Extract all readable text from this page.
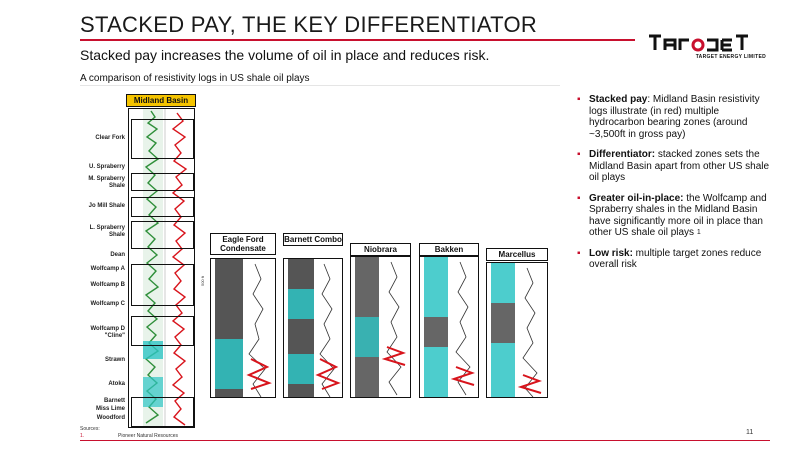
STACKED PAY, THE KEY DIFFERENTIATOR
TARGET ENERGY LIMITED
Stacked pay increases the volume of oil in place and reduces risk.
A comparison of resistivity logs in US shale oil plays
Midland Basin
Clear Fork
U. Spraberry
M. Spraberry Shale
Jo Mill Shale
L. Spraberry Shale
Dean
Wolfcamp A
Wolfcamp B
Wolfcamp C
Wolfcamp D "Cline"
Strawn
Atoka
Barnett
Miss Lime
Woodford
500 ft
Eagle Ford Condensate
Barnett Combo
Niobrara	Bakken
Marcellus
▪ Stacked pay: Midland Basin resistivity logs illustrate (in red) multiple hydrocarbon bearing zones (around ~3,500ft in gross pay)
▪ Differentiator: stacked zones sets the Midland Basin apart from other US shale oil plays
▪ Greater oil-in-place: the Wolfcamp and Spraberry shales in the Midland Basin have significantly more oil in place than other US shale oil plays $^1$
▪ Low risk: multiple target zones reduce overall risk
Sources:
1.	Pioneer Natural Resources	11
